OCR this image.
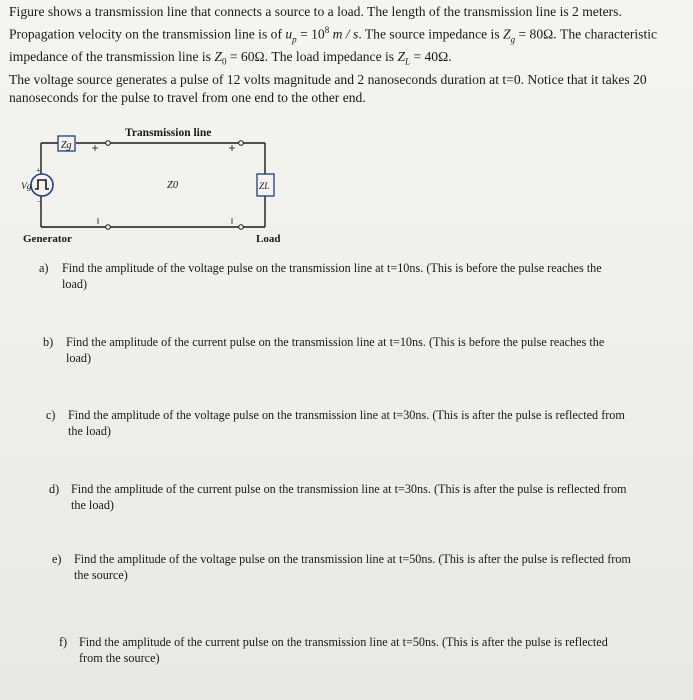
Figure shows a transmission line that connects a source to a load. The length of the transmission line is 2 meters.

Propagation velocity on the transmission line is of $u_p = 10^8$ m / s. The source impedance is $Z_g = 80\Omega$. The characteristic

impedance of the transmission line is $Z_0 = 60\Omega$. The load impedance is $Z_L = 40\Omega$.

The voltage source generates a pulse of 12 volts magnitude and 2 nanoseconds duration at t=0. Notice that it takes 20

nanoseconds for the pulse to travel from one end to the other end.

Zg
Transmission line
Z0
Vg
+
−
ZL
Generator	Load
a) Find the amplitude of the voltage pulse on the transmission line at t=10ns. (This is before the pulse reaches the
load)
b) Find the amplitude of the current pulse on the transmission line at t=10ns. (This is before the pulse reaches the
load)
c) Find the amplitude of the voltage pulse on the transmission line at t=30ns. (This is after the pulse is reflected from
the load)
d) Find the amplitude of the current pulse on the transmission line at t=30ns. (This is after the pulse is reflected from
the load)
e) Find the amplitude of the voltage pulse on the transmission line at t=50ns. (This is after the pulse is reflected from
the source)
f) Find the amplitude of the current pulse on the transmission line at t=50ns. (This is after the pulse is reflected
from the source)
